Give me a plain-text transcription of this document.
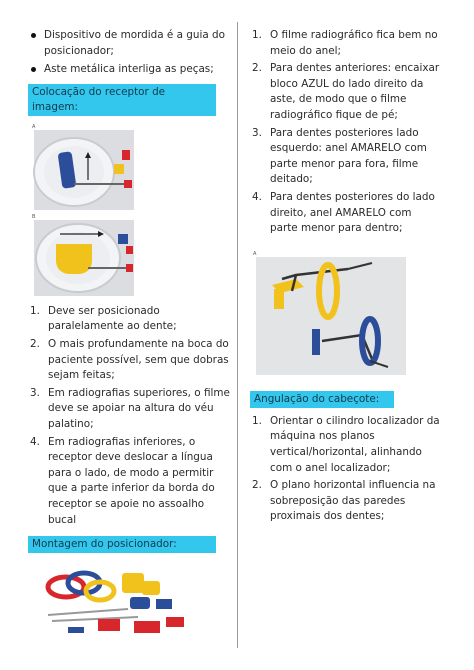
Dispositivo de mordida é a guia do posicionador;
Aste metálica interliga as peças;
Colocação do receptor de imagem:
A
B
1. Deve ser posicionado paralelamente ao dente;
2. O mais profundamente na boca do paciente possível, sem que dobras sejam feitas;
3. Em radiografias superiores, o filme deve se apoiar na altura do véu palatino;
4. Em radiografias inferiores, o receptor deve deslocar a língua para o lado, de modo a permitir que a parte inferior da borda do receptor se apoie no assoalho bucal
Montagem do posicionador:
1. O filme radiográfico fica bem no meio do anel;
2. Para dentes anteriores: encaixar bloco AZUL do lado direito da aste, de modo que o filme radiográfico fique de pé;
3. Para dentes posteriores lado esquerdo: anel AMARELO com parte menor para fora, filme deitado;
4. Para dentes posteriores do lado direito, anel AMARELO com parte menor para dentro;
A
Angulação do cabeçote:
1. Orientar o cilindro localizador da máquina nos planos vertical/horizontal, alinhando com o anel localizador;
2. O plano horizontal influencia na sobreposição das paredes proximais dos dentes;
